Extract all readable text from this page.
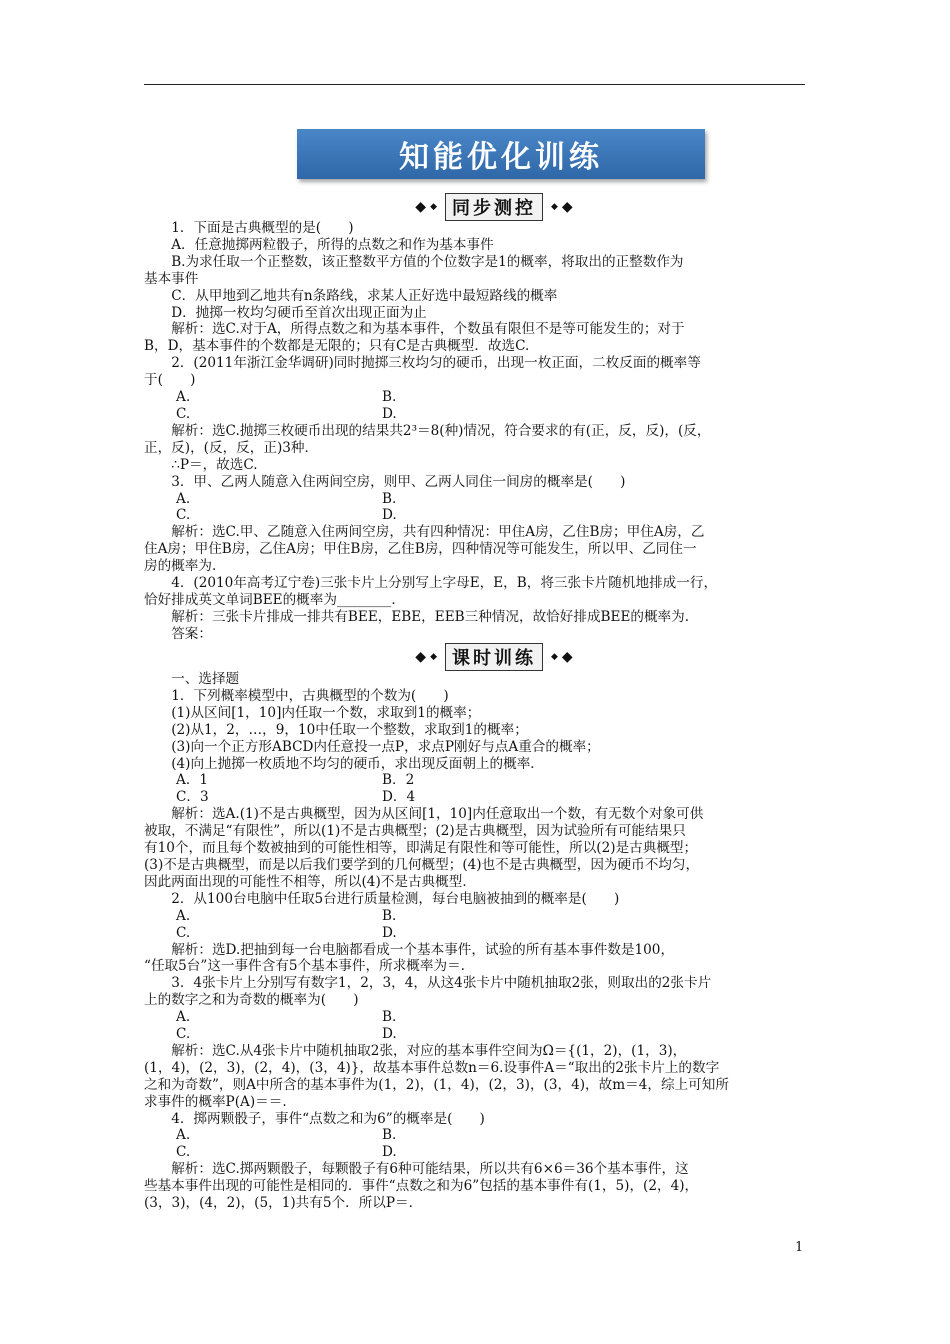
知能优化训练
◆ ◆ 同步测控	◆ ◆
1．下面是古典概型的是(　　)
A．任意抛掷两粒骰子，所得的点数之和作为基本事件
B.为求任取一个正整数，该正整数平方值的个位数字是1的概率，将取出的正整数作为
基本事件
C．从甲地到乙地共有n条路线，求某人正好选中最短路线的概率
D．抛掷一枚均匀硬币至首次出现正面为止
解析：选C.对于A，所得点数之和为基本事件，个数虽有限但不是等可能发生的；对于
B，D，基本事件的个数都是无限的；只有C是古典概型．故选C.
2．(2011年浙江金华调研)同时抛掷三枚均匀的硬币，出现一枚正面，二枚反面的概率等
于(　　)
A.	B.
C.	D.
解析：选C.抛掷三枚硬币出现的结果共2³＝8(种)情况，符合要求的有(正，反，反)，(反，
正，反)，(反，反，正)3种．
∴P＝，故选C.
3．甲、乙两人随意入住两间空房，则甲、乙两人同住一间房的概率是(　　)
A.	B.
C.	D.
解析：选C.甲、乙随意入住两间空房，共有四种情况：甲住A房，乙住B房；甲住A房，乙
住A房；甲住B房，乙住A房；甲住B房，乙住B房，四种情况等可能发生，所以甲、乙同住一
房的概率为.
4．(2010年高考辽宁卷)三张卡片上分别写上字母E，E，B，将三张卡片随机地排成一行，
恰好排成英文单词BEE的概率为________．
解析：三张卡片排成一排共有BEE，EBE，EEB三种情况，故恰好排成BEE的概率为.
答案：
◆ ◆ 课时训练	◆ ◆
一、选择题
1．下列概率模型中，古典概型的个数为(　　)
(1)从区间[1，10]内任取一个数，求取到1的概率；
(2)从1，2，…，9，10中任取一个整数，求取到1的概率；
(3)向一个正方形ABCD内任意投一点P，求点P刚好与点A重合的概率；
(4)向上抛掷一枚质地不均匀的硬币，求出现反面朝上的概率．
A．1	B．2
C．3	D．4
解析：选A.(1)不是古典概型，因为从区间[1，10]内任意取出一个数，有无数个对象可供
被取，不满足“有限性”，所以(1)不是古典概型；(2)是古典概型，因为试验所有可能结果只
有10个，而且每个数被抽到的可能性相等，即满足有限性和等可能性，所以(2)是古典概型；
(3)不是古典概型，而是以后我们要学到的几何概型；(4)也不是古典概型，因为硬币不均匀，
因此两面出现的可能性不相等，所以(4)不是古典概型．
2．从100台电脑中任取5台进行质量检测，每台电脑被抽到的概率是(　　)
A.	B.
C.	D.
解析：选D.把抽到每一台电脑都看成一个基本事件，试验的所有基本事件数是100，
“任取5台”这一事件含有5个基本事件，所求概率为＝.
3．4张卡片上分别写有数字1，2，3，4，从这4张卡片中随机抽取2张，则取出的2张卡片
上的数字之和为奇数的概率为(　　)
A.	B.
C.	D.
解析：选C.从4张卡片中随机抽取2张，对应的基本事件空间为Ω＝{(1，2)，(1，3)，
(1，4)，(2，3)，(2，4)，(3，4)}，故基本事件总数n＝6.设事件A＝“取出的2张卡片上的数字
之和为奇数”，则A中所含的基本事件为(1，2)，(1，4)，(2，3)，(3，4)，故m＝4，综上可知所
求事件的概率P(A)＝＝.
4．掷两颗骰子，事件“点数之和为6”的概率是(　　)
A.	B.
C.	D.
解析：选C.掷两颗骰子，每颗骰子有6种可能结果，所以共有6×6＝36个基本事件，这
些基本事件出现的可能性是相同的．事件“点数之和为6”包括的基本事件有(1，5)，(2，4)，
(3，3)，(4，2)，(5，1)共有5个．所以P＝.
1
